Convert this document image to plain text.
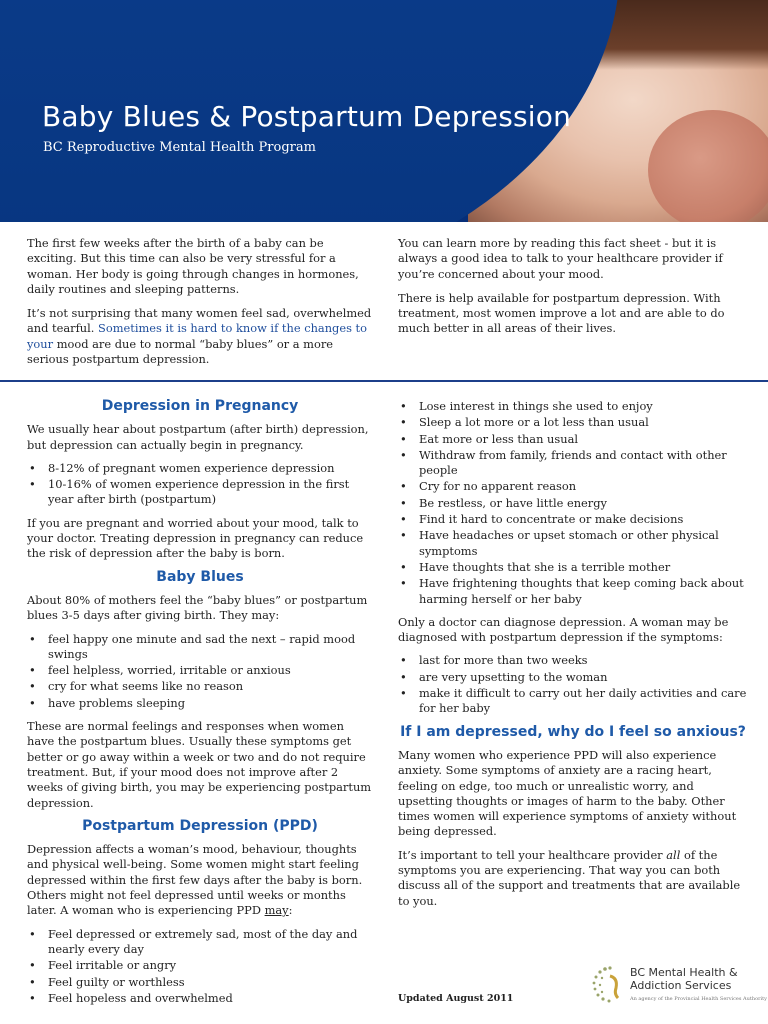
Baby Blues & Postpartum Depression
BC Reproductive Mental Health Program

The first few weeks after the birth of a baby can be exciting. But this time can also be very stressful for a woman. Her body is going through changes in hormones, daily routines and sleeping patterns.

It’s not surprising that many women feel sad, overwhelmed and tearful. Sometimes it is hard to know if the changes to your mood are due to normal “baby blues” or a more serious postpartum depression.

You can learn more by reading this fact sheet - but it is always a good idea to talk to your healthcare provider if you’re concerned about your mood.

There is help available for postpartum depression. With treatment, most women improve a lot and are able to do much better in all areas of their lives.

Depression in Pregnancy

We usually hear about postpartum (after birth) depression, but depression can actually begin in pregnancy.

• 8-12% of pregnant women experience depression
• 10-16% of women experience depression in the first year after birth (postpartum)

If you are pregnant and worried about your mood, talk to your doctor. Treating depression in pregnancy can reduce the risk of depression after the baby is born.

Baby Blues

About 80% of mothers feel the “baby blues” or postpartum blues 3-5 days after giving birth. They may:

• feel happy one minute and sad the next – rapid mood swings
• feel helpless, worried, irritable or anxious
• cry for what seems like no reason
• have problems sleeping

These are normal feelings and responses when women have the postpartum blues. Usually these symptoms get better or go away within a week or two and do not require treatment. But, if your mood does not improve after 2 weeks of giving birth, you may be experiencing postpartum depression.

Postpartum Depression (PPD)

Depression affects a woman’s mood, behaviour, thoughts and physical well-being. Some women might start feeling depressed within the first few days after the baby is born. Others might not feel depressed until weeks or months later. A woman who is experiencing PPD may:

• Feel depressed or extremely sad, most of the day and nearly every day
• Feel irritable or angry
• Feel guilty or worthless
• Feel hopeless and overwhelmed
• Lose interest in things she used to enjoy
• Sleep a lot more or a lot less than usual
• Eat more or less than usual
• Withdraw from family, friends and contact with other people
• Cry for no apparent reason
• Be restless, or have little energy
• Find it hard to concentrate or make decisions
• Have headaches or upset stomach or other physical symptoms
• Have thoughts that she is a terrible mother
• Have frightening thoughts that keep coming back about harming herself or her baby

Only a doctor can diagnose depression. A woman may be diagnosed with postpartum depression if the symptoms:

• last for more than two weeks
• are very upsetting to the woman
• make it difficult to carry out her daily activities and care for her baby
If I am depressed, why do I feel so anxious?

Many women who experience PPD will also experience anxiety. Some symptoms of anxiety are a racing heart, feeling on edge, too much or unrealistic worry, and upsetting thoughts or images of harm to the baby. Other times women will experience symptoms of anxiety without being depressed.

It’s important to tell your healthcare provider all of the symptoms you are experiencing. That way you can both discuss all of the support and treatments that are available to you.

Updated August 2011
BC Mental Health &
Addiction Services
An agency of the Provincial Health Services Authority
